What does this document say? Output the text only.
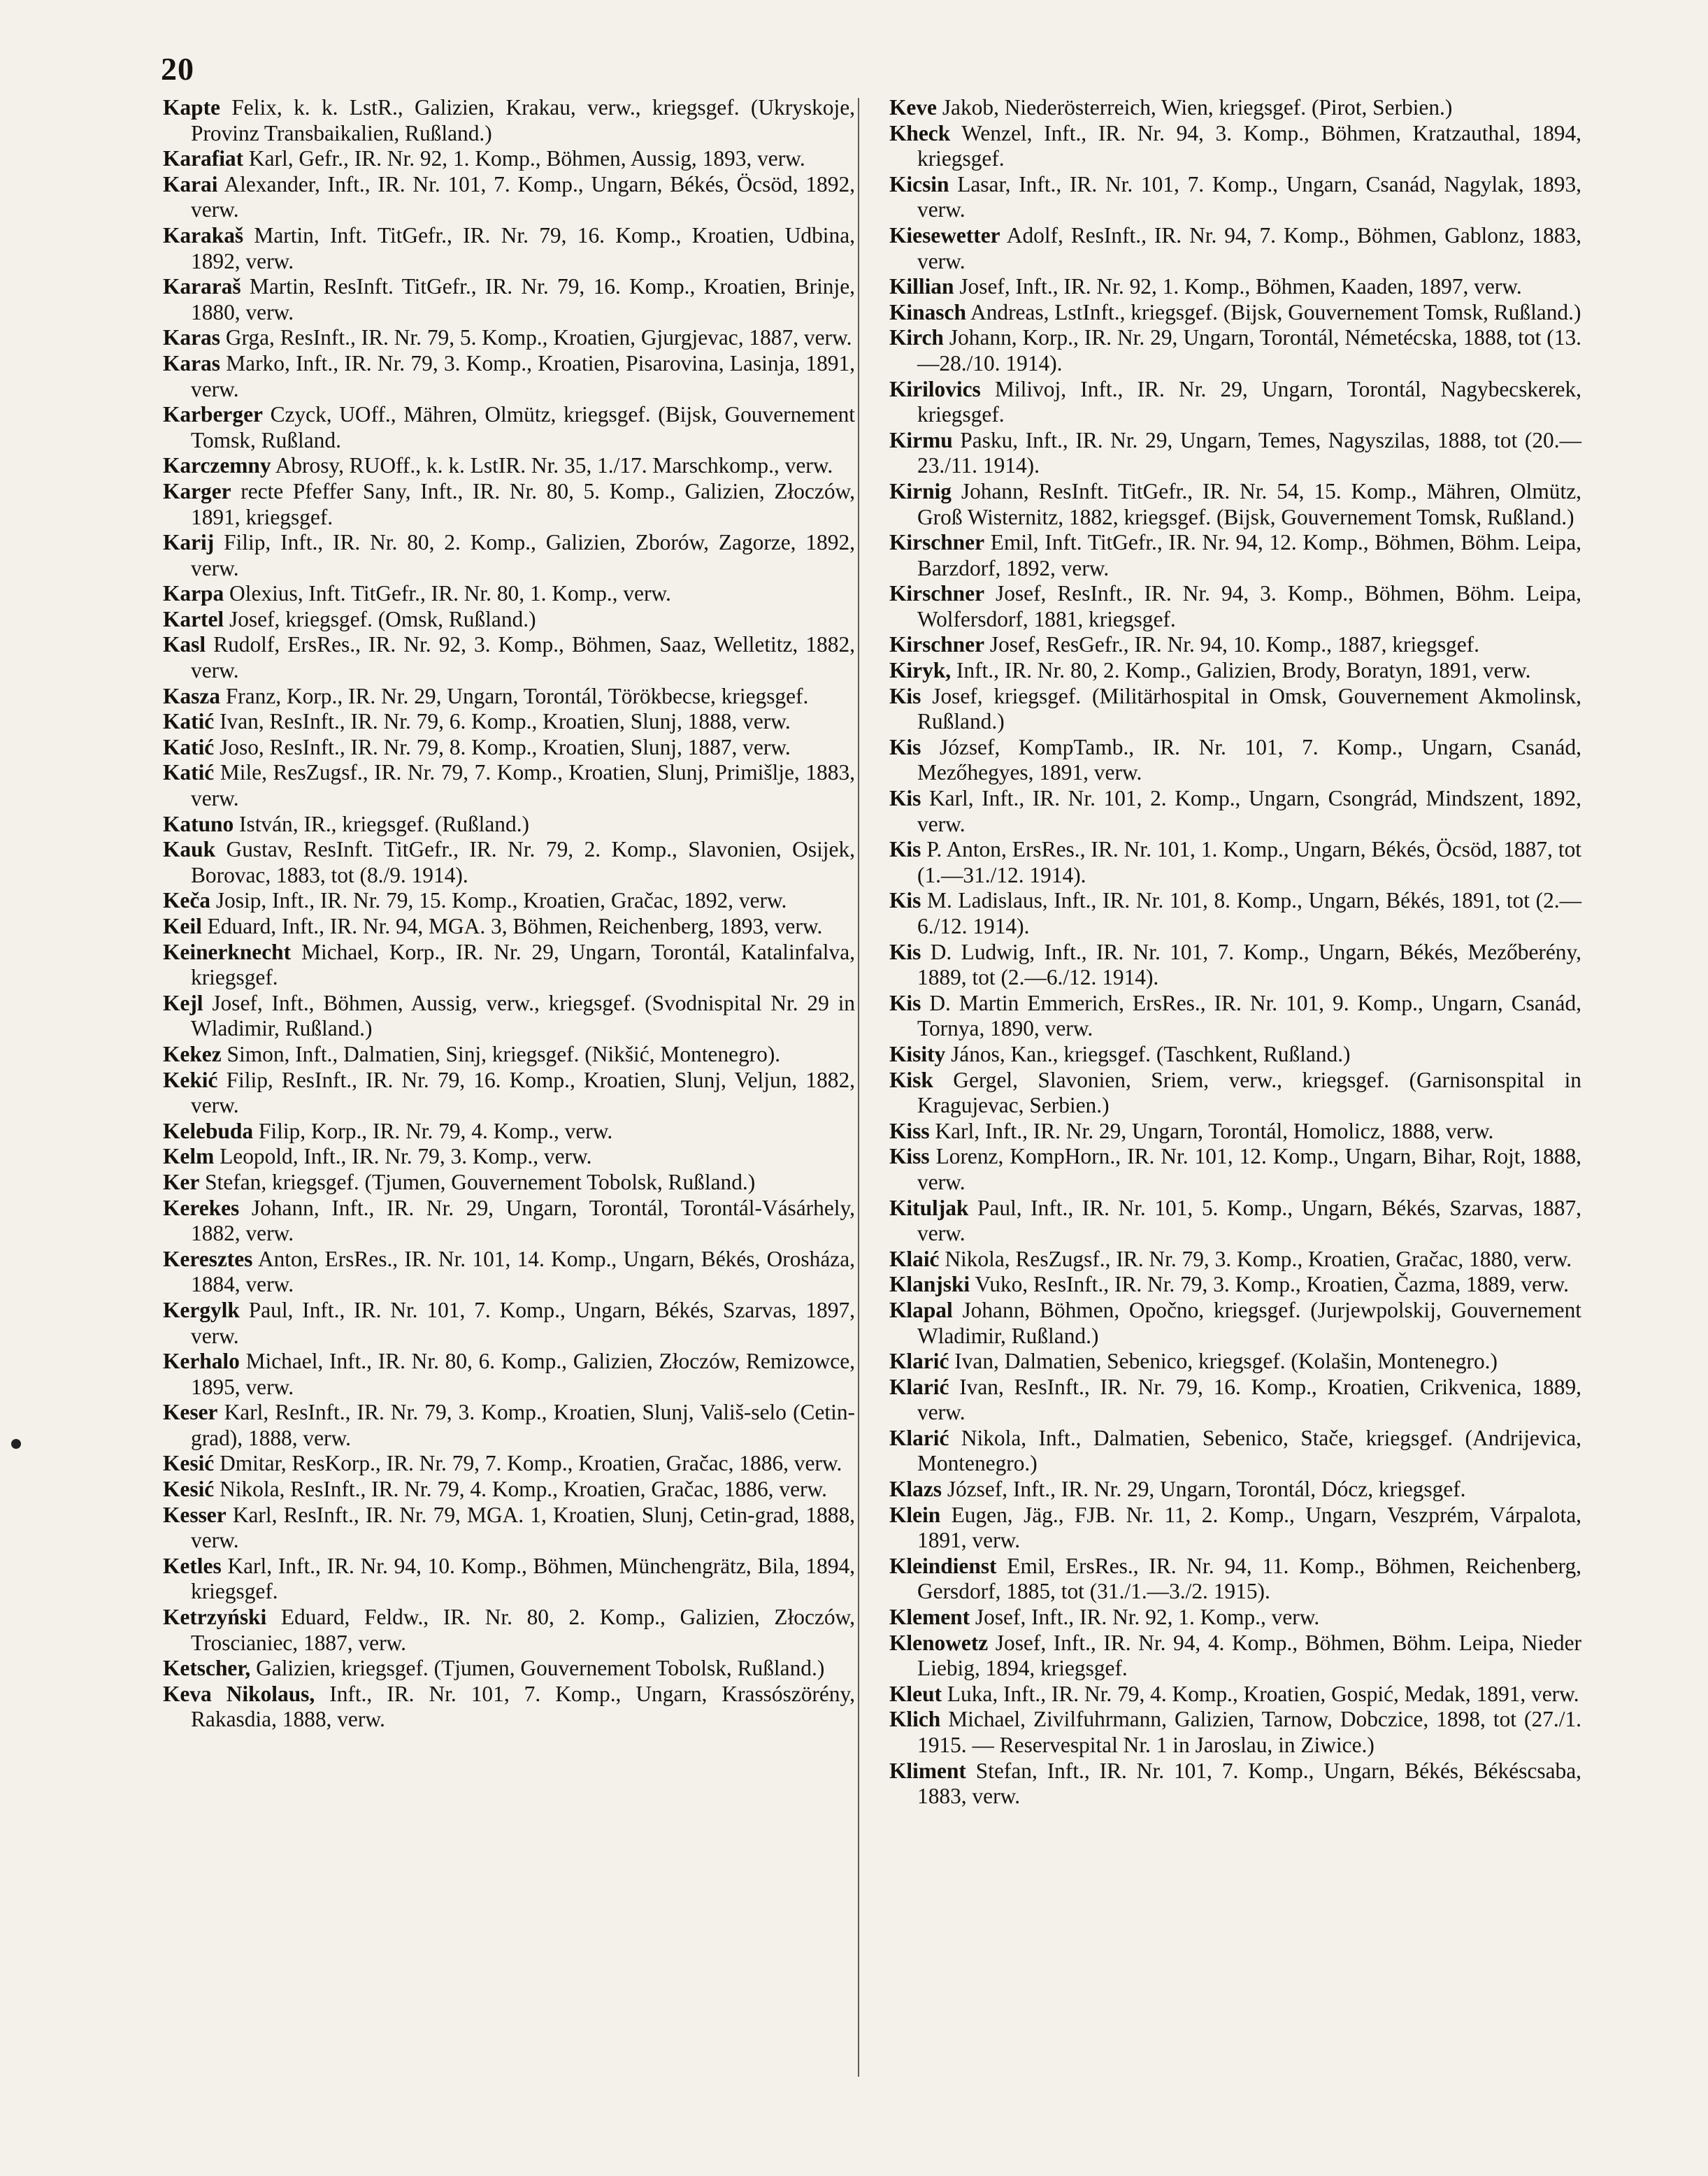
20
Kapte Felix, k. k. LstR., Galizien, Krakau, verw., kriegsgef. (Ukryskoje, Provinz Transbaikalien, Rußland.)
Karafiat Karl, Gefr., IR. Nr. 92, 1. Komp., Böhmen, Aussig, 1893, verw.
Karai Alexander, Inft., IR. Nr. 101, 7. Komp., Ungarn, Békés, Öcsöd, 1892, verw.
Karakaš Martin, Inft. TitGefr., IR. Nr. 79, 16. Komp., Kroatien, Udbina, 1892, verw.
Kararaš Martin, ResInft. TitGefr., IR. Nr. 79, 16. Komp., Kroatien, Brinje, 1880, verw.
Karas Grga, ResInft., IR. Nr. 79, 5. Komp., Kroatien, Gjurgjevac, 1887, verw.
Karas Marko, Inft., IR. Nr. 79, 3. Komp., Kroatien, Pisarovina, Lasinja, 1891, verw.
Karberger Czyck, UOff., Mähren, Olmütz, kriegsgef. (Bijsk, Gouvernement Tomsk, Rußland.
Karczemny Abrosy, RUOff., k. k. LstIR. Nr. 35, 1./17. Marschkomp., verw.
Karger recte Pfeffer Sany, Inft., IR. Nr. 80, 5. Komp., Galizien, Złoczów, 1891, kriegsgef.
Karij Filip, Inft., IR. Nr. 80, 2. Komp., Galizien, Zborów, Zagorze, 1892, verw.
Karpa Olexius, Inft. TitGefr., IR. Nr. 80, 1. Komp., verw.
Kartel Josef, kriegsgef. (Omsk, Rußland.)
Kasl Rudolf, ErsRes., IR. Nr. 92, 3. Komp., Böhmen, Saaz, Welletitz, 1882, verw.
Kasza Franz, Korp., IR. Nr. 29, Ungarn, Torontál, Törökbecse, kriegsgef.
Katić Ivan, ResInft., IR. Nr. 79, 6. Komp., Kroatien, Slunj, 1888, verw.
Katić Joso, ResInft., IR. Nr. 79, 8. Komp., Kroatien, Slunj, 1887, verw.
Katić Mile, ResZugsf., IR. Nr. 79, 7. Komp., Kroatien, Slunj, Primišlje, 1883, verw.
Katuno István, IR., kriegsgef. (Rußland.)
Kauk Gustav, ResInft. TitGefr., IR. Nr. 79, 2. Komp., Slavonien, Osijek, Borovac, 1883, tot (8./9. 1914).
Keča Josip, Inft., IR. Nr. 79, 15. Komp., Kroatien, Gračac, 1892, verw.
Keil Eduard, Inft., IR. Nr. 94, MGA. 3, Böhmen, Reichenberg, 1893, verw.
Keinerknecht Michael, Korp., IR. Nr. 29, Ungarn, Torontál, Katalinfalva, kriegsgef.
Kejl Josef, Inft., Böhmen, Aussig, verw., kriegsgef. (Svodnispital Nr. 29 in Wladimir, Rußland.)
Kekez Simon, Inft., Dalmatien, Sinj, kriegsgef. (Nikšić, Montenegro).
Kekić Filip, ResInft., IR. Nr. 79, 16. Komp., Kroatien, Slunj, Veljun, 1882, verw.
Kelebuda Filip, Korp., IR. Nr. 79, 4. Komp., verw.
Kelm Leopold, Inft., IR. Nr. 79, 3. Komp., verw.
Ker Stefan, kriegsgef. (Tjumen, Gouvernement Tobolsk, Rußland.)
Kerekes Johann, Inft., IR. Nr. 29, Ungarn, Torontál, Torontál-Vásárhely, 1882, verw.
Keresztes Anton, ErsRes., IR. Nr. 101, 14. Komp., Ungarn, Békés, Orosháza, 1884, verw.
Kergylk Paul, Inft., IR. Nr. 101, 7. Komp., Ungarn, Békés, Szarvas, 1897, verw.
Kerhalo Michael, Inft., IR. Nr. 80, 6. Komp., Galizien, Złoczów, Remizowce, 1895, verw.
Keser Karl, ResInft., IR. Nr. 79, 3. Komp., Kroatien, Slunj, Vališ-selo (Cetin-grad), 1888, verw.
Kesić Dmitar, ResKorp., IR. Nr. 79, 7. Komp., Kroatien, Gračac, 1886, verw.
Kesić Nikola, ResInft., IR. Nr. 79, 4. Komp., Kroatien, Gračac, 1886, verw.
Kesser Karl, ResInft., IR. Nr. 79, MGA. 1, Kroatien, Slunj, Cetin-grad, 1888, verw.
Ketles Karl, Inft., IR. Nr. 94, 10. Komp., Böhmen, Münchengrätz, Bila, 1894, kriegsgef.
Ketrzyński Eduard, Feldw., IR. Nr. 80, 2. Komp., Galizien, Złoczów, Troscianiec, 1887, verw.
Ketscher, Galizien, kriegsgef. (Tjumen, Gouvernement Tobolsk, Rußland.)
Keva Nikolaus, Inft., IR. Nr. 101, 7. Komp., Ungarn, Krassószörény, Rakasdia, 1888, verw.
Keve Jakob, Niederösterreich, Wien, kriegsgef. (Pirot, Serbien.)
Kheck Wenzel, Inft., IR. Nr. 94, 3. Komp., Böhmen, Kratzauthal, 1894, kriegsgef.
Kicsin Lasar, Inft., IR. Nr. 101, 7. Komp., Ungarn, Csanád, Nagylak, 1893, verw.
Kiesewetter Adolf, ResInft., IR. Nr. 94, 7. Komp., Böhmen, Gablonz, 1883, verw.
Killian Josef, Inft., IR. Nr. 92, 1. Komp., Böhmen, Kaaden, 1897, verw.
Kinasch Andreas, LstInft., kriegsgef. (Bijsk, Gouvernement Tomsk, Rußland.)
Kirch Johann, Korp., IR. Nr. 29, Ungarn, Torontál, Németécska, 1888, tot (13.—28./10. 1914).
Kirilovics Milivoj, Inft., IR. Nr. 29, Ungarn, Torontál, Nagybecskerek, kriegsgef.
Kirmu Pasku, Inft., IR. Nr. 29, Ungarn, Temes, Nagyszilas, 1888, tot (20.—23./11. 1914).
Kirnig Johann, ResInft. TitGefr., IR. Nr. 54, 15. Komp., Mähren, Olmütz, Groß Wisternitz, 1882, kriegsgef. (Bijsk, Gouvernement Tomsk, Rußland.)
Kirschner Emil, Inft. TitGefr., IR. Nr. 94, 12. Komp., Böhmen, Böhm. Leipa, Barzdorf, 1892, verw.
Kirschner Josef, ResInft., IR. Nr. 94, 3. Komp., Böhmen, Böhm. Leipa, Wolfersdorf, 1881, kriegsgef.
Kirschner Josef, ResGefr., IR. Nr. 94, 10. Komp., 1887, kriegsgef.
Kiryk, Inft., IR. Nr. 80, 2. Komp., Galizien, Brody, Boratyn, 1891, verw.
Kis Josef, kriegsgef. (Militärhospital in Omsk, Gouvernement Akmolinsk, Rußland.)
Kis József, KompTamb., IR. Nr. 101, 7. Komp., Ungarn, Csanád, Mezőhegyes, 1891, verw.
Kis Karl, Inft., IR. Nr. 101, 2. Komp., Ungarn, Csongrád, Mindszent, 1892, verw.
Kis P. Anton, ErsRes., IR. Nr. 101, 1. Komp., Ungarn, Békés, Öcsöd, 1887, tot (1.—31./12. 1914).
Kis M. Ladislaus, Inft., IR. Nr. 101, 8. Komp., Ungarn, Békés, 1891, tot (2.—6./12. 1914).
Kis D. Ludwig, Inft., IR. Nr. 101, 7. Komp., Ungarn, Békés, Mezőberény, 1889, tot (2.—6./12. 1914).
Kis D. Martin Emmerich, ErsRes., IR. Nr. 101, 9. Komp., Ungarn, Csanád, Tornya, 1890, verw.
Kisity János, Kan., kriegsgef. (Taschkent, Rußland.)
Kisk Gergel, Slavonien, Sriem, verw., kriegsgef. (Garnisonspital in Kragujevac, Serbien.)
Kiss Karl, Inft., IR. Nr. 29, Ungarn, Torontál, Homolicz, 1888, verw.
Kiss Lorenz, KompHorn., IR. Nr. 101, 12. Komp., Ungarn, Bihar, Rojt, 1888, verw.
Kituljak Paul, Inft., IR. Nr. 101, 5. Komp., Ungarn, Békés, Szarvas, 1887, verw.
Klaić Nikola, ResZugsf., IR. Nr. 79, 3. Komp., Kroatien, Gračac, 1880, verw.
Klanjski Vuko, ResInft., IR. Nr. 79, 3. Komp., Kroatien, Čazma, 1889, verw.
Klapal Johann, Böhmen, Opočno, kriegsgef. (Jurjewpolskij, Gouvernement Wladimir, Rußland.)
Klarić Ivan, Dalmatien, Sebenico, kriegsgef. (Kolašin, Montenegro.)
Klarić Ivan, ResInft., IR. Nr. 79, 16. Komp., Kroatien, Crikvenica, 1889, verw.
Klarić Nikola, Inft., Dalmatien, Sebenico, Stače, kriegsgef. (Andrijevica, Montenegro.)
Klazs József, Inft., IR. Nr. 29, Ungarn, Torontál, Dócz, kriegsgef.
Klein Eugen, Jäg., FJB. Nr. 11, 2. Komp., Ungarn, Veszprém, Várpalota, 1891, verw.
Kleindienst Emil, ErsRes., IR. Nr. 94, 11. Komp., Böhmen, Reichenberg, Gersdorf, 1885, tot (31./1.—3./2. 1915).
Klement Josef, Inft., IR. Nr. 92, 1. Komp., verw.
Klenowetz Josef, Inft., IR. Nr. 94, 4. Komp., Böhmen, Böhm. Leipa, Nieder Liebig, 1894, kriegsgef.
Kleut Luka, Inft., IR. Nr. 79, 4. Komp., Kroatien, Gospić, Medak, 1891, verw.
Klich Michael, Zivilfuhrmann, Galizien, Tarnow, Dobczice, 1898, tot (27./1. 1915. — Reservespital Nr. 1 in Jaroslau, in Ziwice.)
Kliment Stefan, Inft., IR. Nr. 101, 7. Komp., Ungarn, Békés, Békéscsaba, 1883, verw.
